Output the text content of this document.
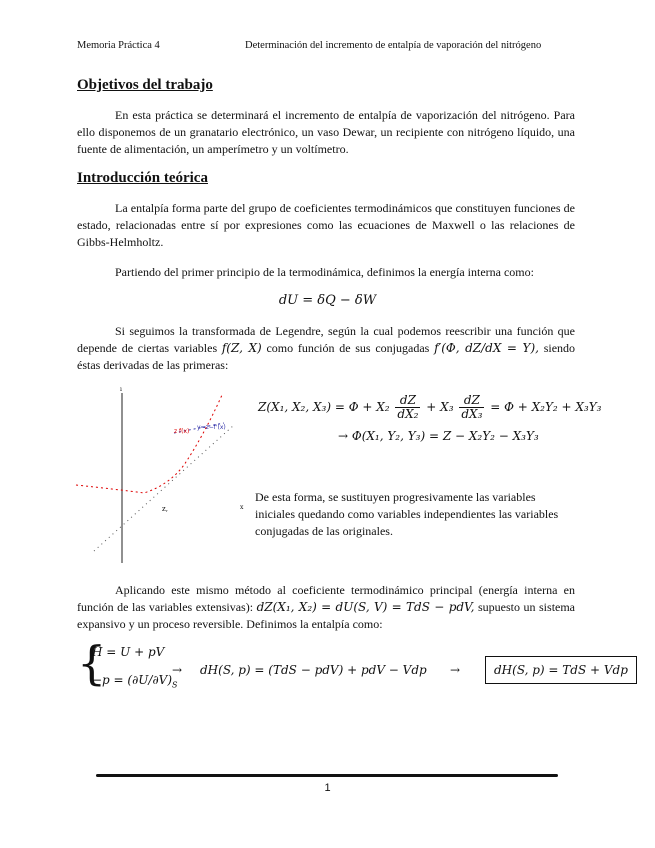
Memoria Práctica 4	Determinación del incremento de entalpía de vaporación del nitrógeno
Objetivos del trabajo
En esta práctica se determinará el incremento de entalpía de vaporización del nitrógeno. Para ello disponemos de un granatario electrónico, un vaso Dewar, un recipiente con nitrógeno líquido, una fuente de alimentación, un amperímetro y un voltímetro.
Introducción teórica
La entalpía forma parte del grupo de coeficientes termodinámicos que constituyen funciones de estado, relacionadas entre sí por expresiones como las ecuaciones de Maxwell o las relaciones de Gibbs-Helmholtz.
Partiendo del primer principio de la termodinámica, definimos la energía interna como:
dU = δQ − δW
Si seguimos la transformada de Legendre, según la cual podemos reescribir una función que depende de ciertas variables f(Z, X) como función de sus conjugadas f′(Φ, dZ/dX = Y), siendo éstas derivadas de las primeras:
z f(x)
y=z−f'(x)
z,
ı
x
Z(X₁, X₂, $X_3) = \Phi + X_2 \frac{dZ}{\text{dX₂}} + X_3 \frac{dZ}{\text{dX₃}} = \Phi + X_2Y_2 + X_3Y_3$
→ Φ(X₁, Y₂, Y₃) = Z − X₂Y₂ − X₃Y₃
De esta forma, se sustituyen progresivamente las variables iniciales quedando como variables independientes las variables conjugadas de las originales.
Aplicando este mismo método al coeficiente termodinámico principal (energía interna en función de las variables extensivas): dZ(X₁, X₂) = dU(S, V) = TdS − pdV, supuesto un sistema expansivo y un proceso reversible. Definimos la entalpía como:
{
H = U + pV
$-p = (\partial U/\partial V)_S$
→ dH(S, p) = (TdS − pdV) + pdV − Vdp →	dH(S, p) = TdS + Vdp
1
